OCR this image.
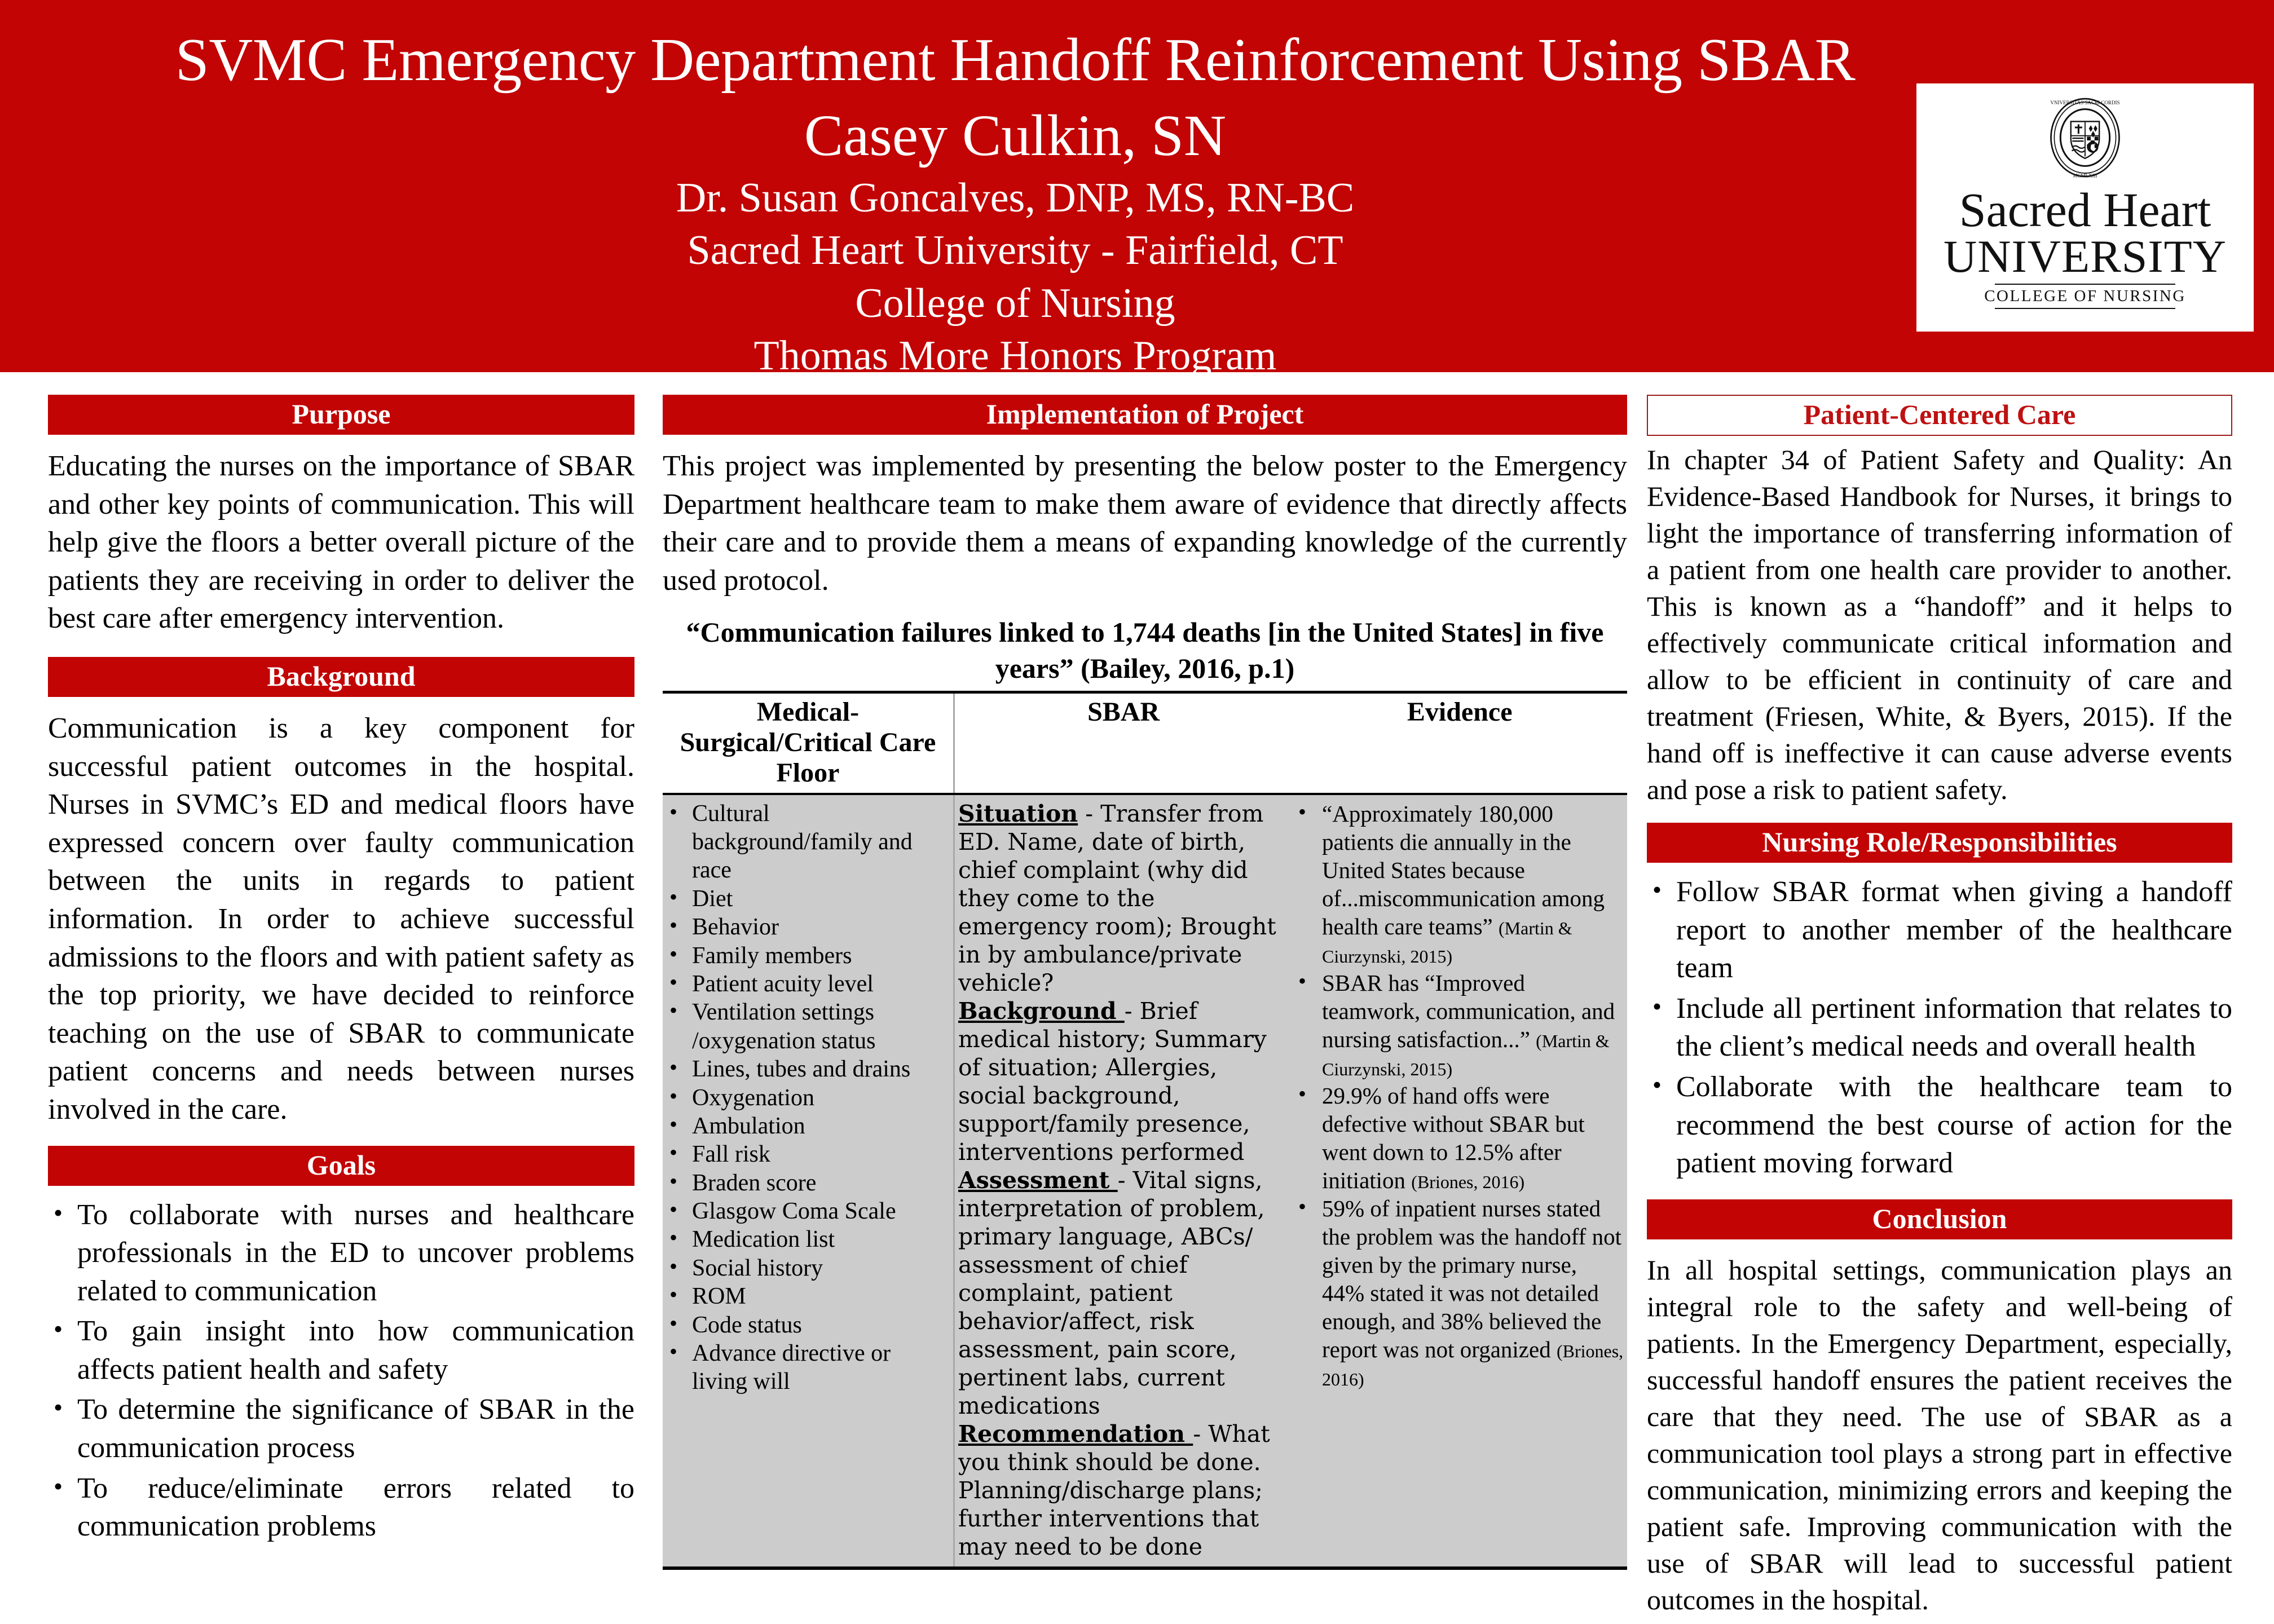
SVMC Emergency Department Handoff Reinforcement Using SBAR
Casey Culkin, SN
Dr. Susan Goncalves, DNP, MS, RN-BC
Sacred Heart University - Fairfield, CT
College of Nursing
Thomas More Honors Program
VNIVERSITAS SACRI CORDIS
MCMLXIII
Sacred Heart
UNIVERSITY
COLLEGE OF NURSING
Purpose
Educating the nurses on the importance of SBAR and other key points of communication. This will help give the floors a better overall picture of the patients they are receiving in order to deliver the best care after emergency intervention.
Background
Communication is a key component for successful patient outcomes in the hospital. Nurses in SVMC’s ED and medical floors have expressed concern over faulty communication between the units in regards to patient information. In order to achieve successful admissions to the floors and with patient safety as the top priority, we have decided to reinforce teaching on the use of SBAR to communicate patient concerns and needs between nurses involved in the care.
Goals
• To collaborate with nurses and healthcare professionals in the ED to uncover problems related to communication
• To gain insight into how communication affects patient health and safety
• To determine the significance of SBAR in the communication process
• To reduce/eliminate errors related to communication problems
Implementation of Project
This project was implemented by presenting the below poster to the Emergency Department healthcare team to make them aware of evidence that directly affects their care and to provide them a means of expanding knowledge of the currently used protocol.
“Communication failures linked to 1,744 deaths [in the United States] in five years” (Bailey, 2016, p.1)
Medical-Surgical/Critical Care Floor
SBAR	Evidence
• Cultural background/family and race
• Diet
• Behavior
• Family members
• Patient acuity level
• Ventilation settings /oxygenation status
• Lines, tubes and drains
• Oxygenation
• Ambulation
• Fall risk
• Braden score
• Glasgow Coma Scale
• Medication list
• Social history
• ROM
• Code status
• Advance directive or living will
Situation - Transfer from ED. Name, date of birth, chief complaint (why did they come to the emergency room); Brought in by ambulance/private vehicle?
Background - Brief medical history; Summary of situation; Allergies, social background, support/family presence, interventions performed
Assessment - Vital signs, interpretation of problem, primary language, ABCs/ assessment of chief complaint, patient behavior/affect, risk assessment, pain score, pertinent labs, current medications
Recommendation - What you think should be done. Planning/discharge plans; further interventions that may need to be done
• “Approximately 180,000 patients die annually in the United States because of...miscommunication among health care teams” (Martin & Ciurzynski, 2015)
• SBAR has “Improved teamwork, communication, and nursing satisfaction...” (Martin & Ciurzynski, 2015)
• 29.9% of hand offs were defective without SBAR but went down to 12.5% after initiation (Briones, 2016)
• 59% of inpatient nurses stated the problem was the handoff not given by the primary nurse, 44% stated it was not detailed enough, and 38% believed the report was not organized (Briones, 2016)
Patient-Centered Care
In chapter 34 of Patient Safety and Quality: An Evidence-Based Handbook for Nurses, it brings to light the importance of transferring information of a patient from one health care provider to another. This is known as a “handoff” and it helps to effectively communicate critical information and allow to be efficient in continuity of care and treatment (Friesen, White, & Byers, 2015). If the hand off is ineffective it can cause adverse events and pose a risk to patient safety.
Nursing Role/Responsibilities
• Follow SBAR format when giving a handoff report to another member of the healthcare team
• Include all pertinent information that relates to the client’s medical needs and overall health
• Collaborate with the healthcare team to recommend the best course of action for the patient moving forward
Conclusion
In all hospital settings, communication plays an integral role to the safety and well-being of patients. In the Emergency Department, especially, successful handoff ensures the patient receives the care that they need. The use of SBAR as a communication tool plays a strong part in effective communication, minimizing errors and keeping the patient safe. Improving communication with the use of SBAR will lead to successful patient outcomes in the hospital.
